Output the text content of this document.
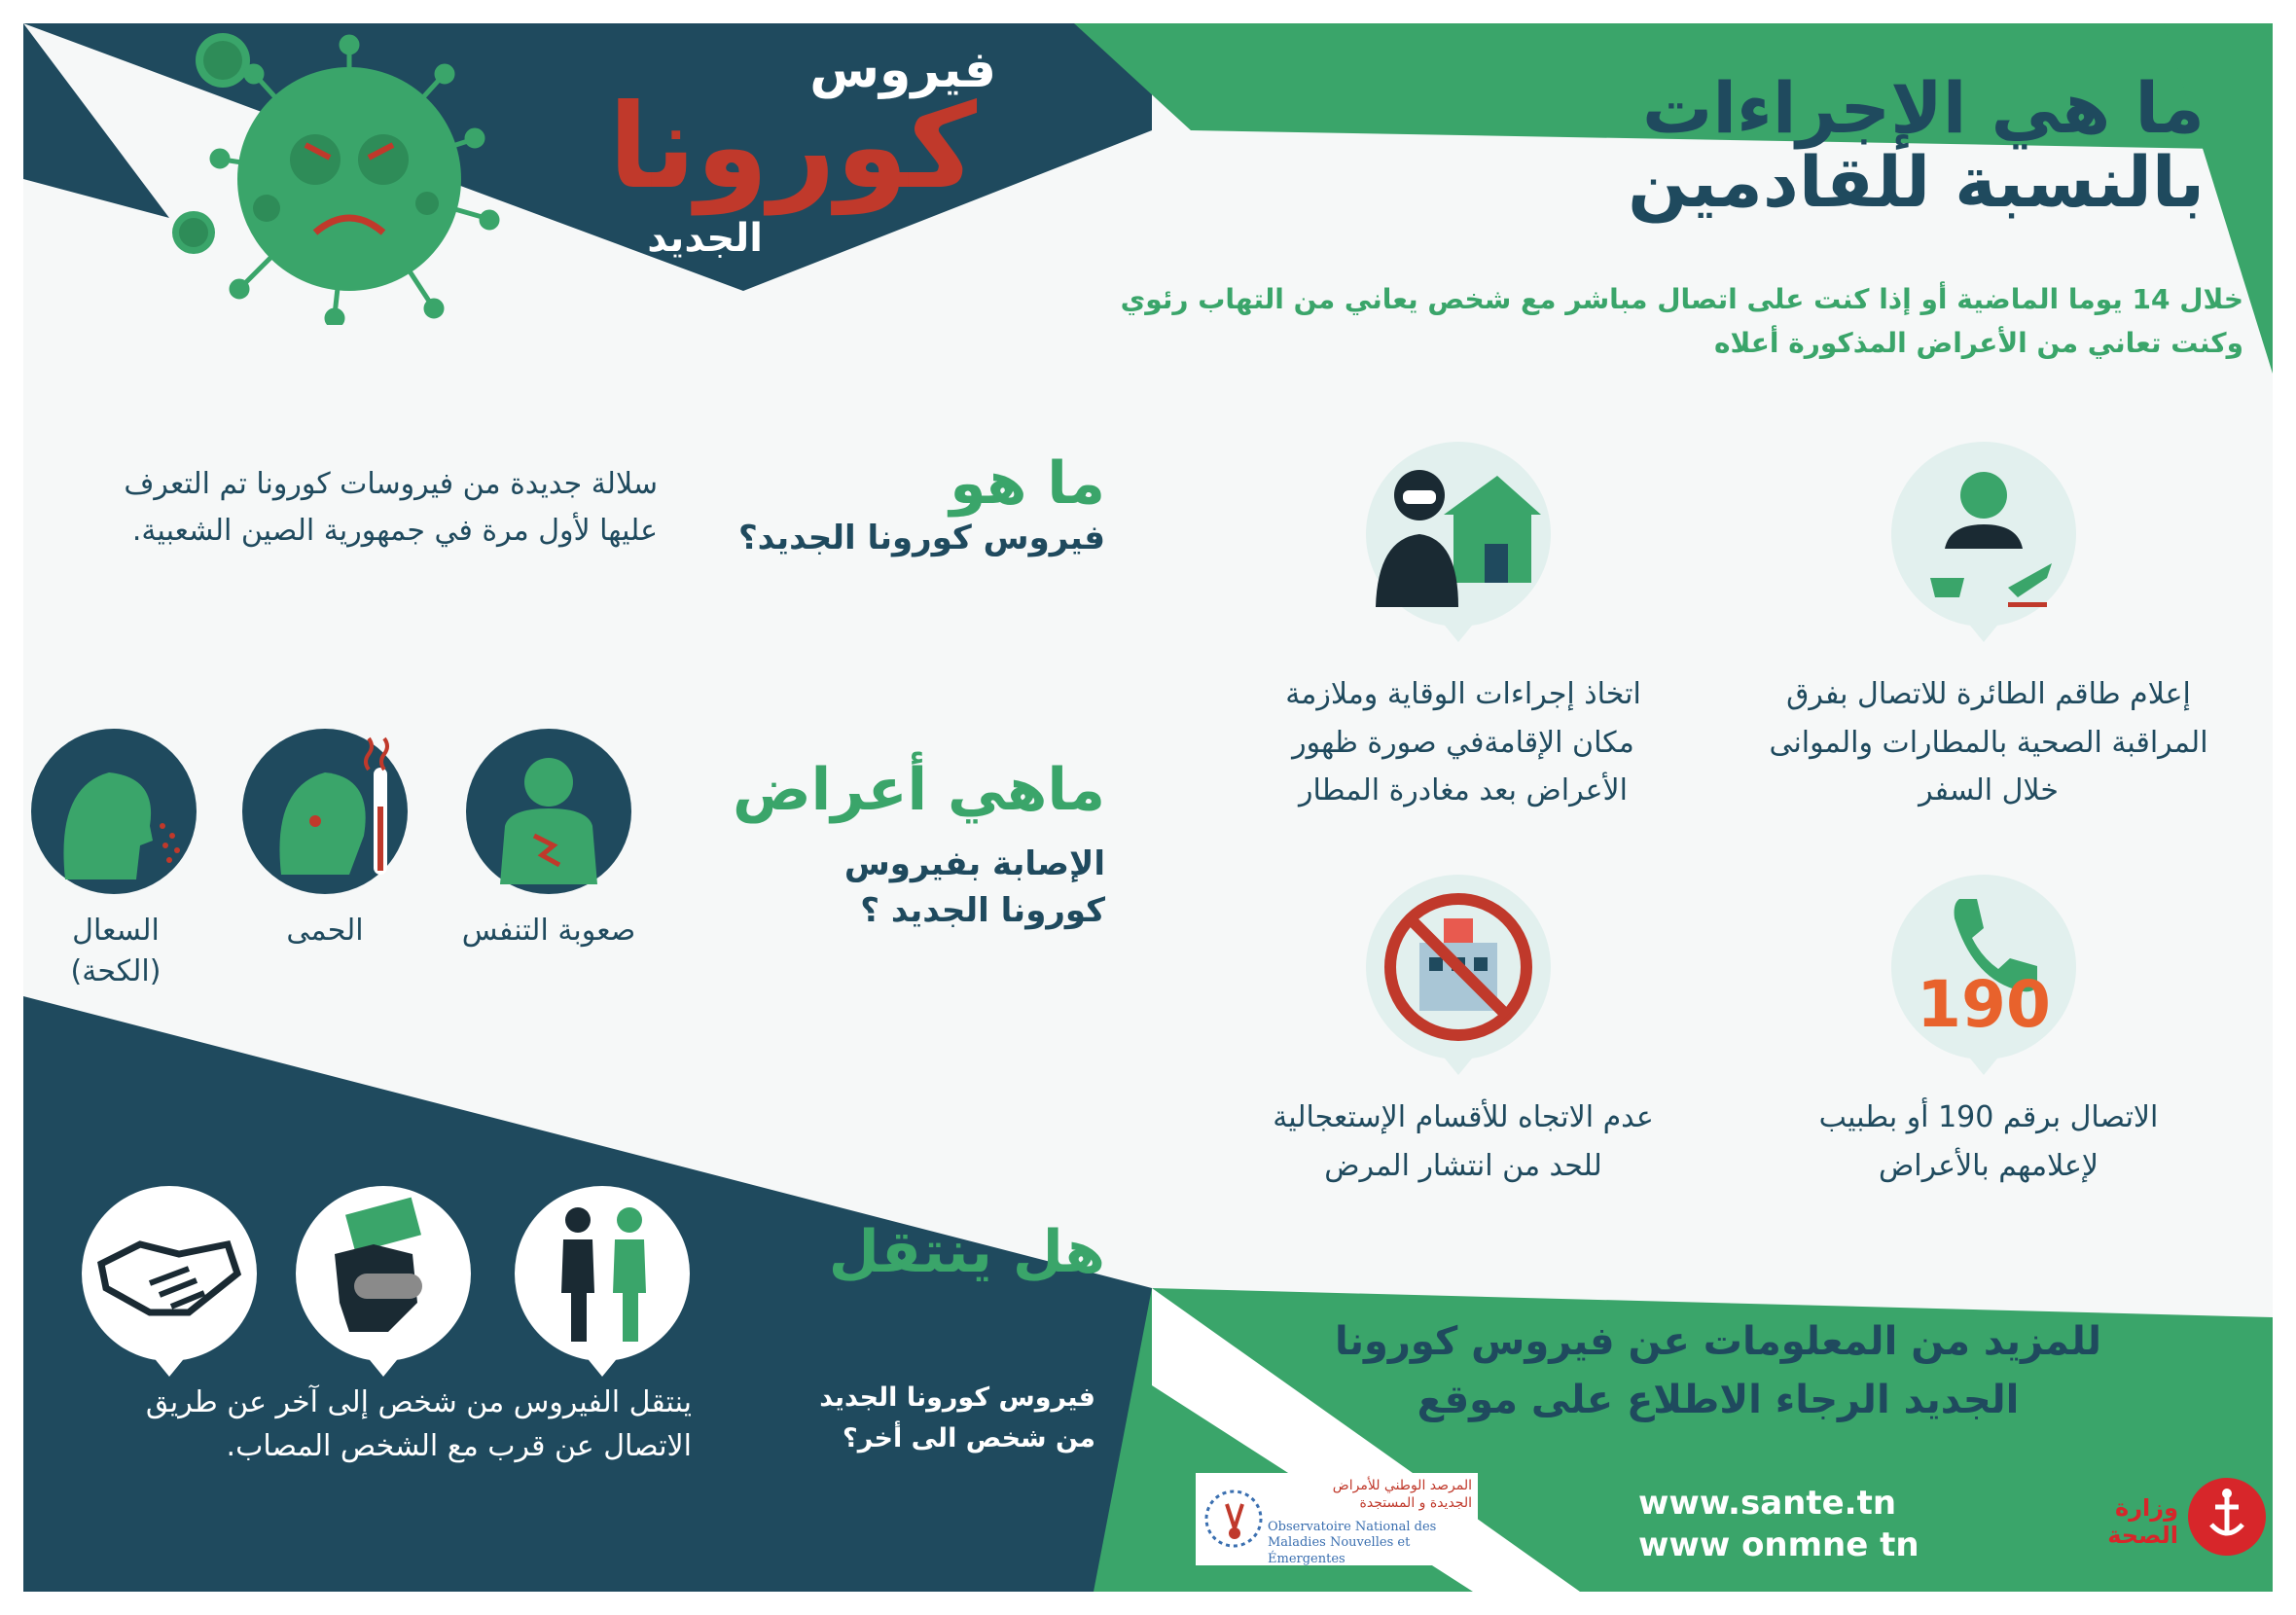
فيروس
كورونا
الجديد
ما هي الإجراءات
بالنسبة للقادمين
خلال 14 يوما الماضية أو إذا كنت على اتصال مباشر مع شخص يعاني من التهاب رئوي
وكنت تعاني من الأعراض المذكورة أعلاه
ما هو
فيروس كورونا الجديد؟
سلالة جديدة من فيروسات كورونا تم التعرف
عليها لأول مرة في جمهورية الصين الشعبية.
ماهي أعراض
الإصابة بفيروس
كورونا الجديد ؟
صعوبة التنفس
الحمى
السعال
(الكحة)	190
إعلام طاقم الطائرة للاتصال بفرق
المراقبة الصحية بالمطارات والموانى
خلال السفر
اتخاذ إجراءات الوقاية وملازمة
مكان الإقامةفي صورة ظهور
الأعراض بعد مغادرة المطار
الاتصال برقم 190 أو بطبيب
لإعلامهم بالأعراض
عدم الاتجاه للأقسام الإستعجالية
للحد من انتشار المرض
هل ينتقل
فيروس كورونا الجديد
من شخص الى أخر؟
ينتقل الفيروس من شخص إلى آخر عن طريق
الاتصال عن قرب مع الشخص المصاب.
للمزيد من المعلومات عن فيروس كورونا
الجديد الرجاء الاطلاع على موقع
www.sante.tn
www onmne tn
المرصد الوطني للأمراض
الجديدة و المستجدة
Observatoire National des
Maladies Nouvelles et Émergentes
وزارة الصحة
